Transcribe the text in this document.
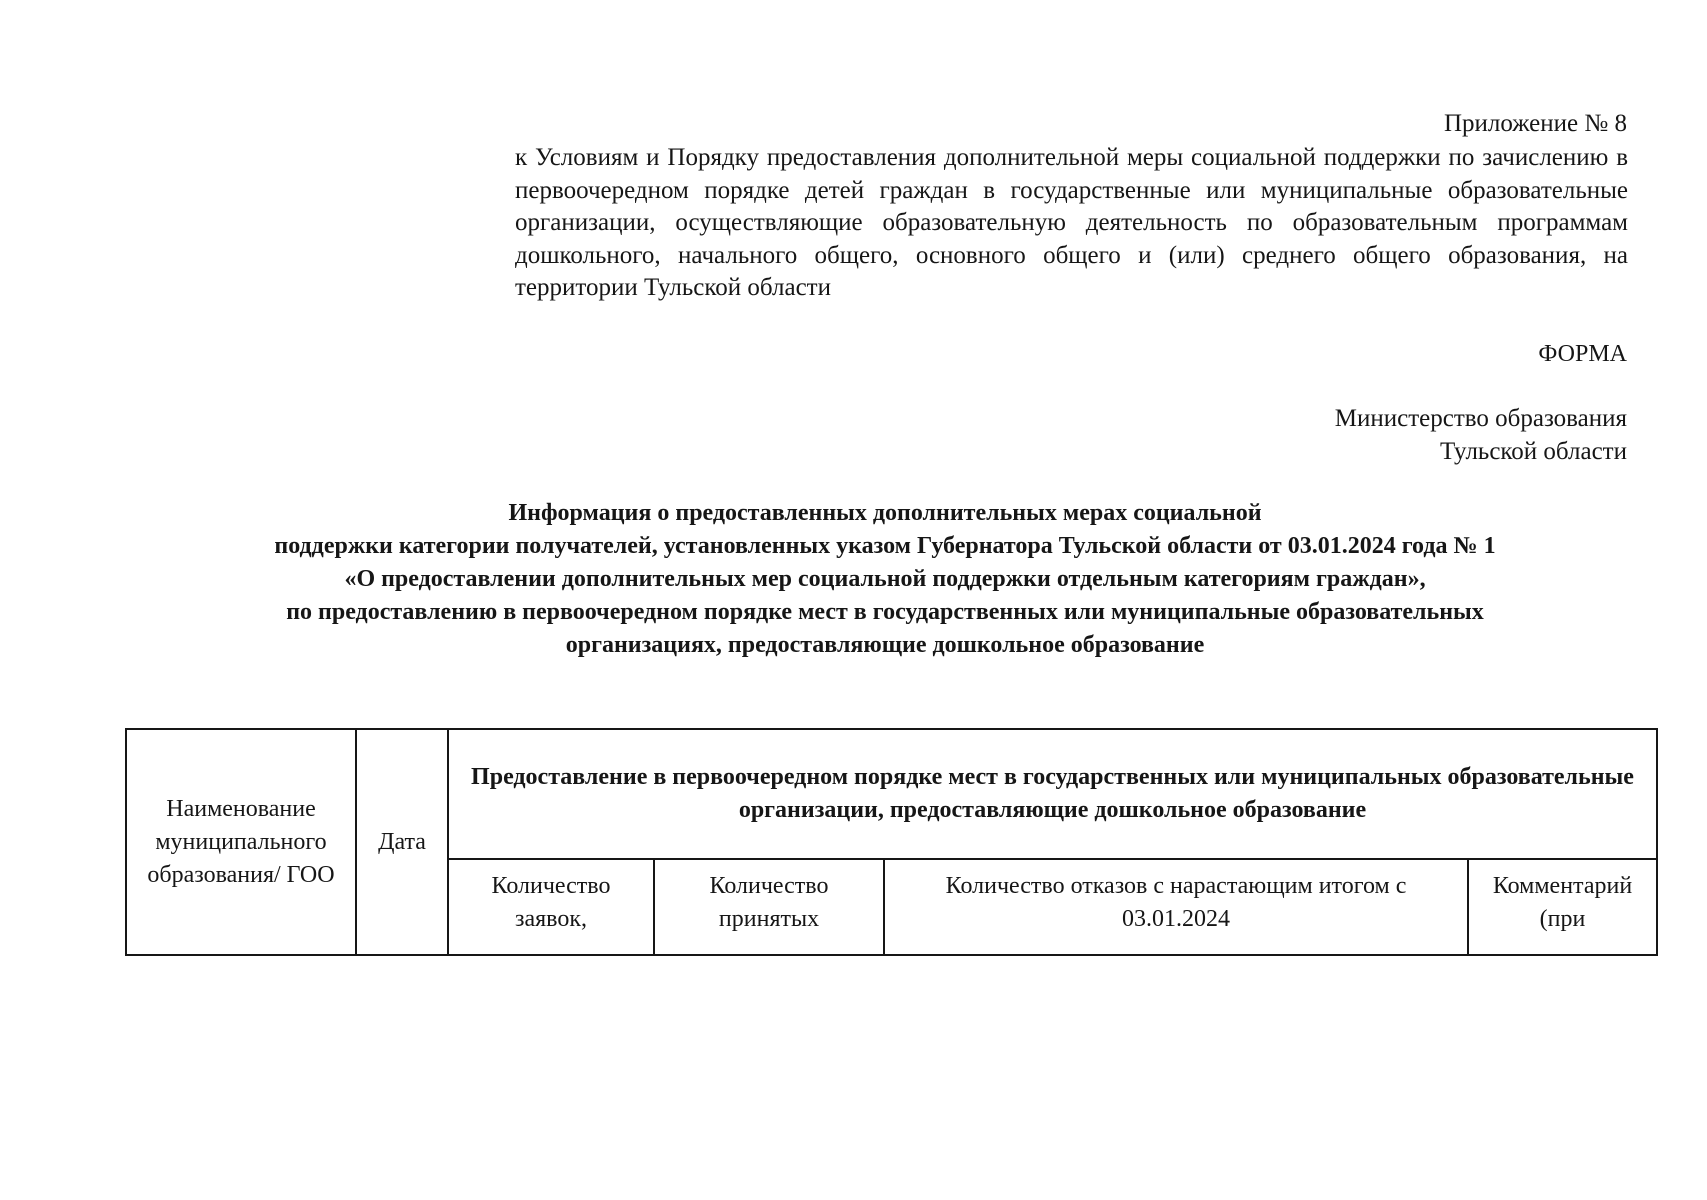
Приложение № 8

к Условиям и Порядку предоставления дополнительной меры социальной поддержки по зачислению в первоочередном порядке детей граждан в государственные или муниципальные образовательные организации, осуществляющие образовательную деятельность по образовательным программам дошкольного, начального общего, основного общего и (или) среднего общего образования, на территории Тульской области

ФОРМА

Министерство образования
Тульской области

Информация о предоставленных дополнительных мерах социальной
поддержки категории получателей, установленных указом Губернатора Тульской области от 03.01.2024 года № 1
«О предоставлении дополнительных мер социальной поддержки отдельным категориям граждан»,
по предоставлению в первоочередном порядке мест в государственных или муниципальные образовательных
организациях, предоставляющие дошкольное образование
Наименование муниципального образования/ ГОО	Дата	Предоставление в первоочередном порядке мест в государственных или муниципальных образовательные организации, предоставляющие дошкольное образование			
		Количество заявок,	Количество принятых	Количество отказов с нарастающим итогом с 03.01.2024	Комментарий (при
